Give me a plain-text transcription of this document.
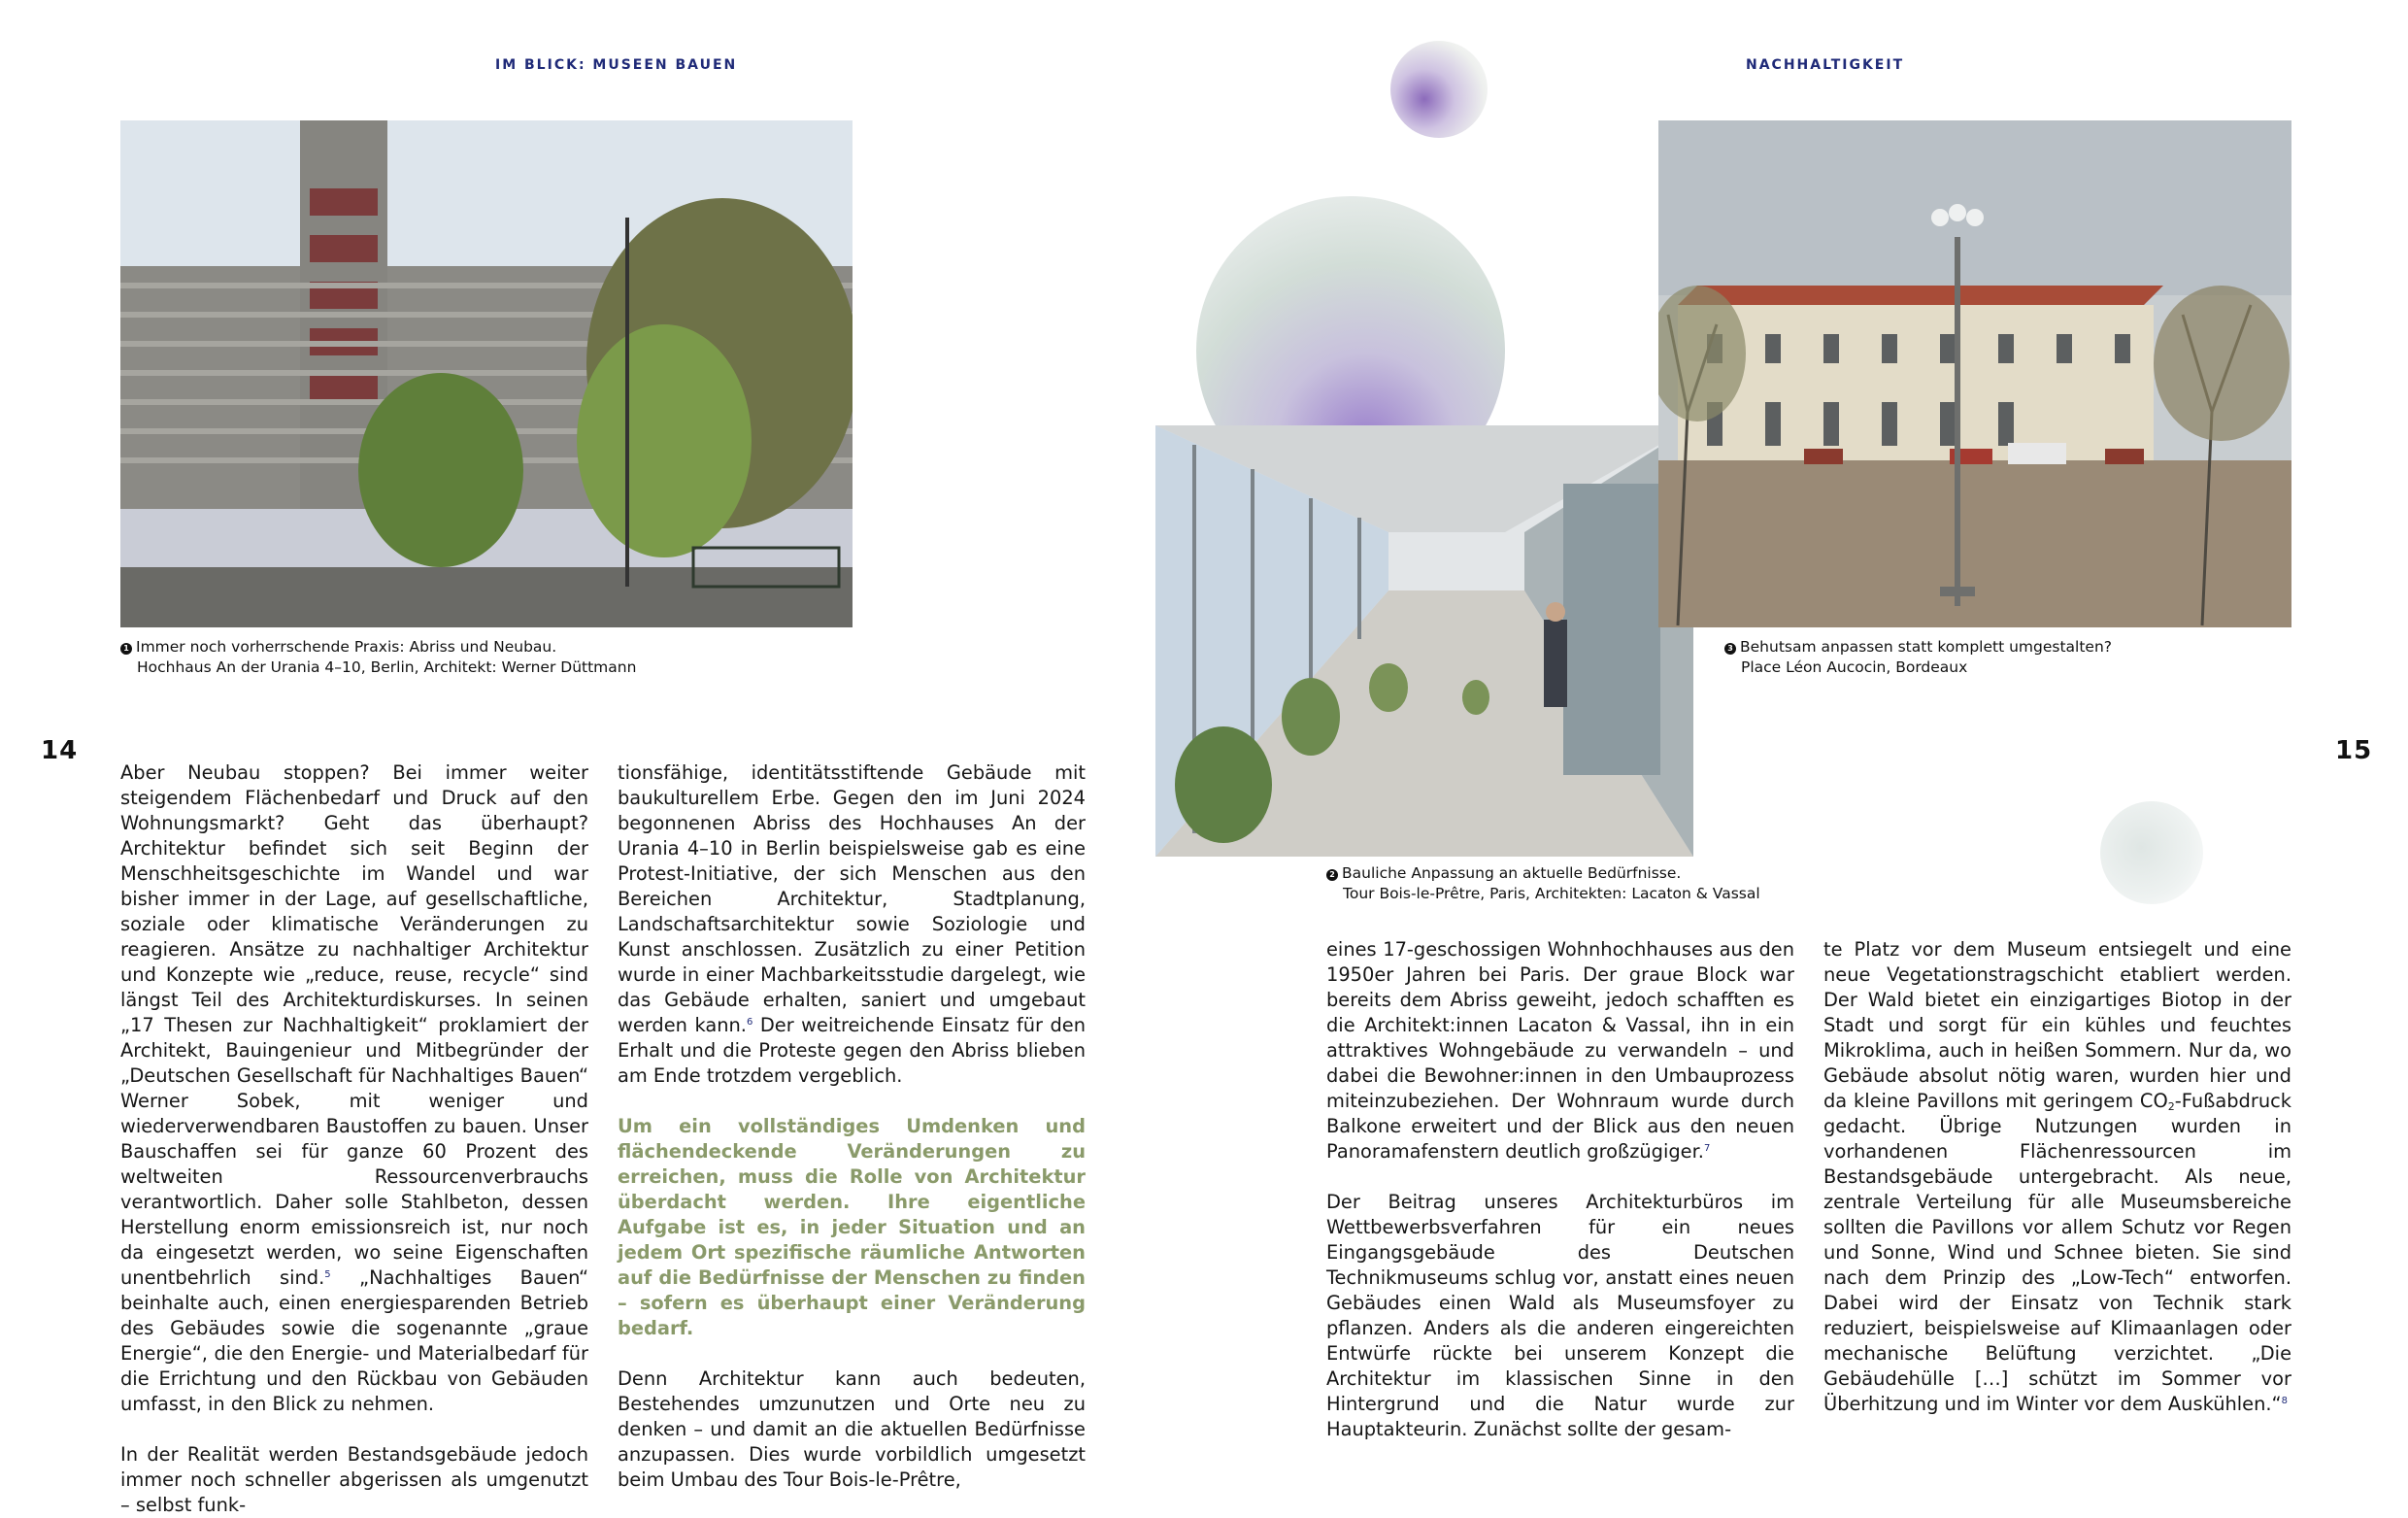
IM BLICK: MUSEEN BAUEN	NACHHALTIGKEIT
14	15

1 Immer noch vorherrschende Praxis: Abriss und Neubau.

Hochhaus An der Urania 4–10, Berlin, Architekt: Werner Düttmann

2 Bauliche Anpassung an aktuelle Bedürfnisse.

Tour Bois-le-Prêtre, Paris, Architekten: Lacaton & Vassal

3 Behutsam anpassen statt komplett umgestalten?

Place Léon Aucocin, Bordeaux

Aber Neubau stoppen? Bei immer weiter steigendem Flächenbedarf und Druck auf den Wohnungsmarkt? Geht das überhaupt? Architektur befindet sich seit Beginn der Menschheitsgeschichte im Wandel und war bisher immer in der Lage, auf gesellschaftliche, soziale oder klimatische Veränderungen zu reagieren. Ansätze zu nachhaltiger Architektur und Konzepte wie „reduce, reuse, recycle“ sind längst Teil des Architekturdiskurses. In seinen „17 Thesen zur Nachhaltigkeit“ proklamiert der Architekt, Bauingenieur und Mitbegründer der „Deutschen Gesellschaft für Nachhaltiges Bauen“ Werner Sobek, mit weniger und wiederverwendbaren Baustoffen zu bauen. Unser Bauschaffen sei für ganze 60 Prozent des weltweiten Ressourcenverbrauchs verantwortlich. Daher solle Stahlbeton, dessen Herstellung enorm emissionsreich ist, nur noch da eingesetzt werden, wo seine Eigenschaften unentbehrlich sind.$^5$ „Nachhaltiges Bauen“ beinhalte auch, einen energiesparenden Betrieb des Gebäudes sowie die sogenannte „graue Energie“, die den Energie- und Materialbedarf für die Errichtung und den Rückbau von Gebäuden umfasst, in den Blick zu nehmen.

In der Realität werden Bestandsgebäude jedoch immer noch schneller abgerissen als umgenutzt – selbst funk-

tionsfähige, identitätsstiftende Gebäude mit baukulturellem Erbe. Gegen den im Juni 2024 begonnenen Abriss des Hochhauses An der Urania 4–10 in Berlin beispielsweise gab es eine Protest-Initiative, der sich Menschen aus den Bereichen Architektur, Stadtplanung, Landschaftsarchitektur sowie Soziologie und Kunst anschlossen. Zusätzlich zu einer Petition wurde in einer Machbarkeitsstudie dargelegt, wie das Gebäude erhalten, saniert und umgebaut werden kann.$^6$ Der weitreichende Einsatz für den Erhalt und die Proteste gegen den Abriss blieben am Ende trotzdem vergeblich.

Um ein vollständiges Umdenken und flächendeckende Veränderungen zu erreichen, muss die Rolle von Architektur überdacht werden. Ihre eigentliche Aufgabe ist es, in jeder Situation und an jedem Ort spezifische räumliche Antworten auf die Bedürfnisse der Menschen zu finden – sofern es überhaupt einer Veränderung bedarf.

Denn Architektur kann auch bedeuten, Bestehendes umzunutzen und Orte neu zu denken – und damit an die aktuellen Bedürfnisse anzupassen. Dies wurde vorbildlich umgesetzt beim Umbau des Tour Bois-le-Prêtre,

eines 17-geschossigen Wohnhochhauses aus den 1950er Jahren bei Paris. Der graue Block war bereits dem Abriss geweiht, jedoch schafften es die Architekt:innen Lacaton & Vassal, ihn in ein attraktives Wohngebäude zu verwandeln – und dabei die Bewohner:innen in den Umbauprozess miteinzubeziehen. Der Wohnraum wurde durch Balkone erweitert und der Blick aus den neuen Panoramafenstern deutlich großzügiger.$^7$

Der Beitrag unseres Architekturbüros im Wettbewerbsverfahren für ein neues Eingangsgebäude des Deutschen Technikmuseums schlug vor, anstatt eines neuen Gebäudes einen Wald als Museumsfoyer zu pflanzen. Anders als die anderen eingereichten Entwürfe rückte bei unserem Konzept die Architektur im klassischen Sinne in den Hintergrund und die Natur wurde zur Hauptakteurin. Zunächst sollte der gesam-

te Platz vor dem Museum entsiegelt und eine neue Vegetationstragschicht etabliert werden. Der Wald bietet ein einzigartiges Biotop in der Stadt und sorgt für ein kühles und feuchtes Mikroklima, auch in heißen Sommern. Nur da, wo Gebäude absolut nötig waren, wurden hier und da kleine Pavillons mit geringem $CO_2$-Fußabdruck gedacht. Übrige Nutzungen wurden in vorhandenen Flächenressourcen im Bestandsgebäude untergebracht. Als neue, zentrale Verteilung für alle Museumsbereiche sollten die Pavillons vor allem Schutz vor Regen und Sonne, Wind und Schnee bieten. Sie sind nach dem Prinzip des „Low-Tech“ entworfen. Dabei wird der Einsatz von Technik stark reduziert, beispielsweise auf Klimaanlagen oder mechanische Belüftung verzichtet. „Die Gebäudehülle […] schützt im Sommer vor Überhitzung und im Winter vor dem Auskühlen.“$^8$
